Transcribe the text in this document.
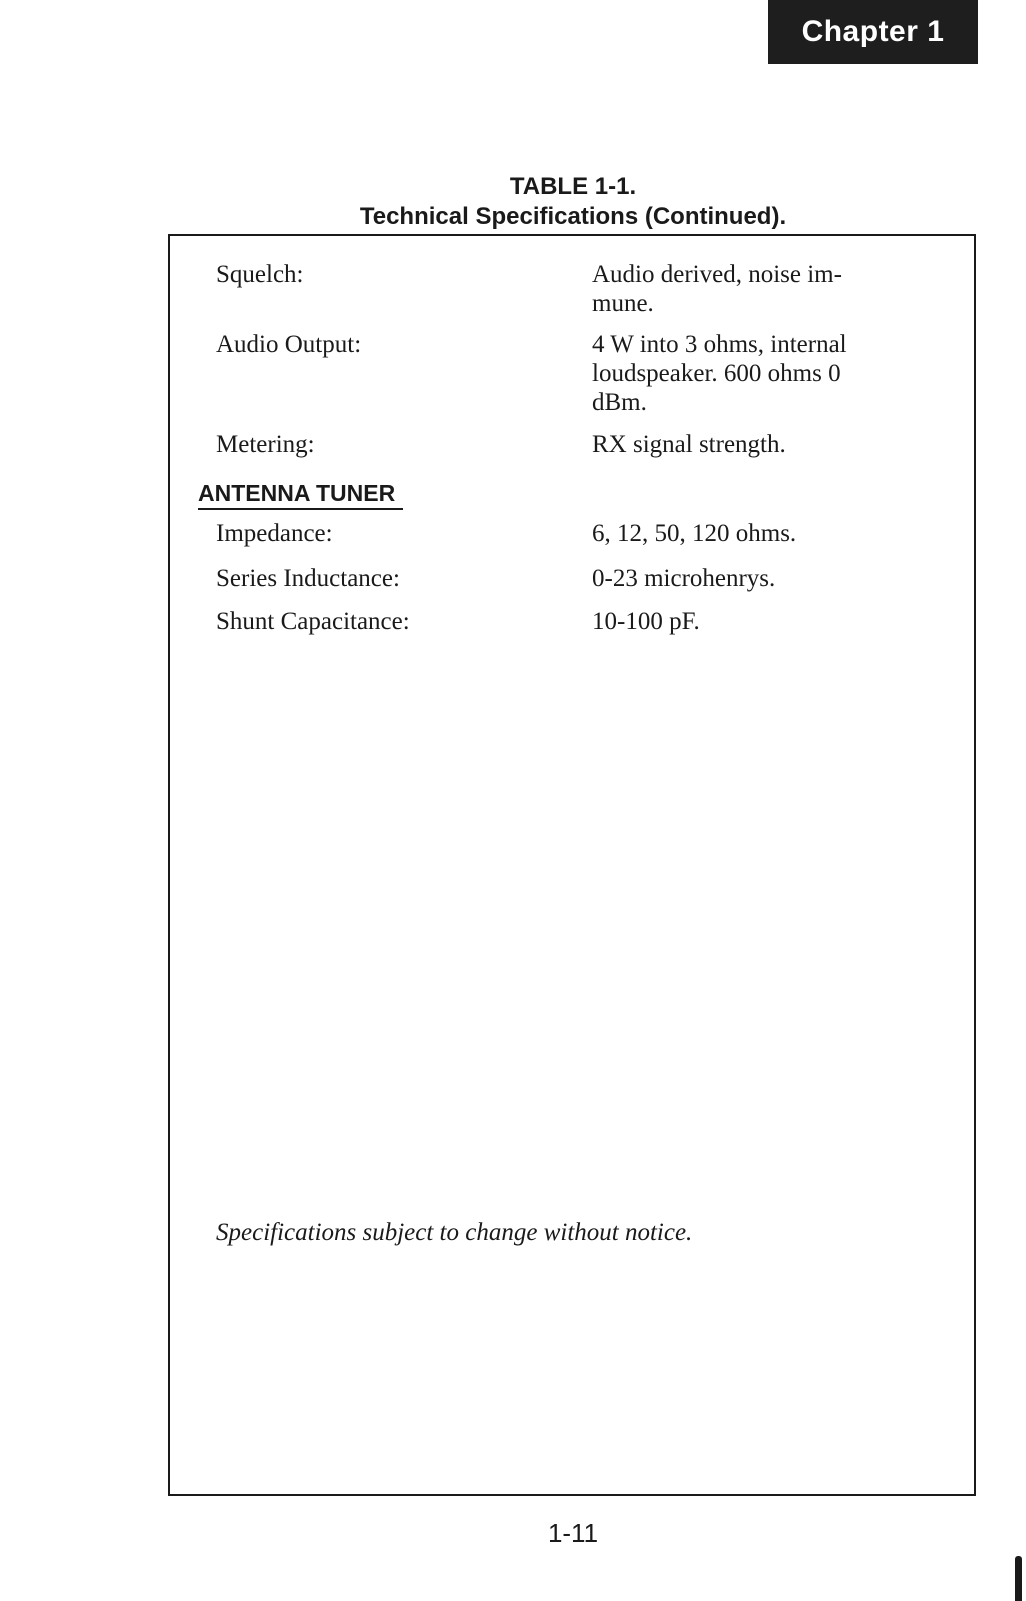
Chapter 1
TABLE 1-1.
Technical Specifications (Continued).
Squelch:	Audio derived, noise im-
mune.
Audio Output:	4 W into 3 ohms, internal
loudspeaker. 600 ohms 0
dBm.
Metering:	RX signal strength.
ANTENNA TUNER
Impedance:	6, 12, 50, 120 ohms.
Series Inductance:	0-23 microhenrys.
Shunt Capacitance:	10-100 pF.
Specifications subject to change without notice.
1-11
